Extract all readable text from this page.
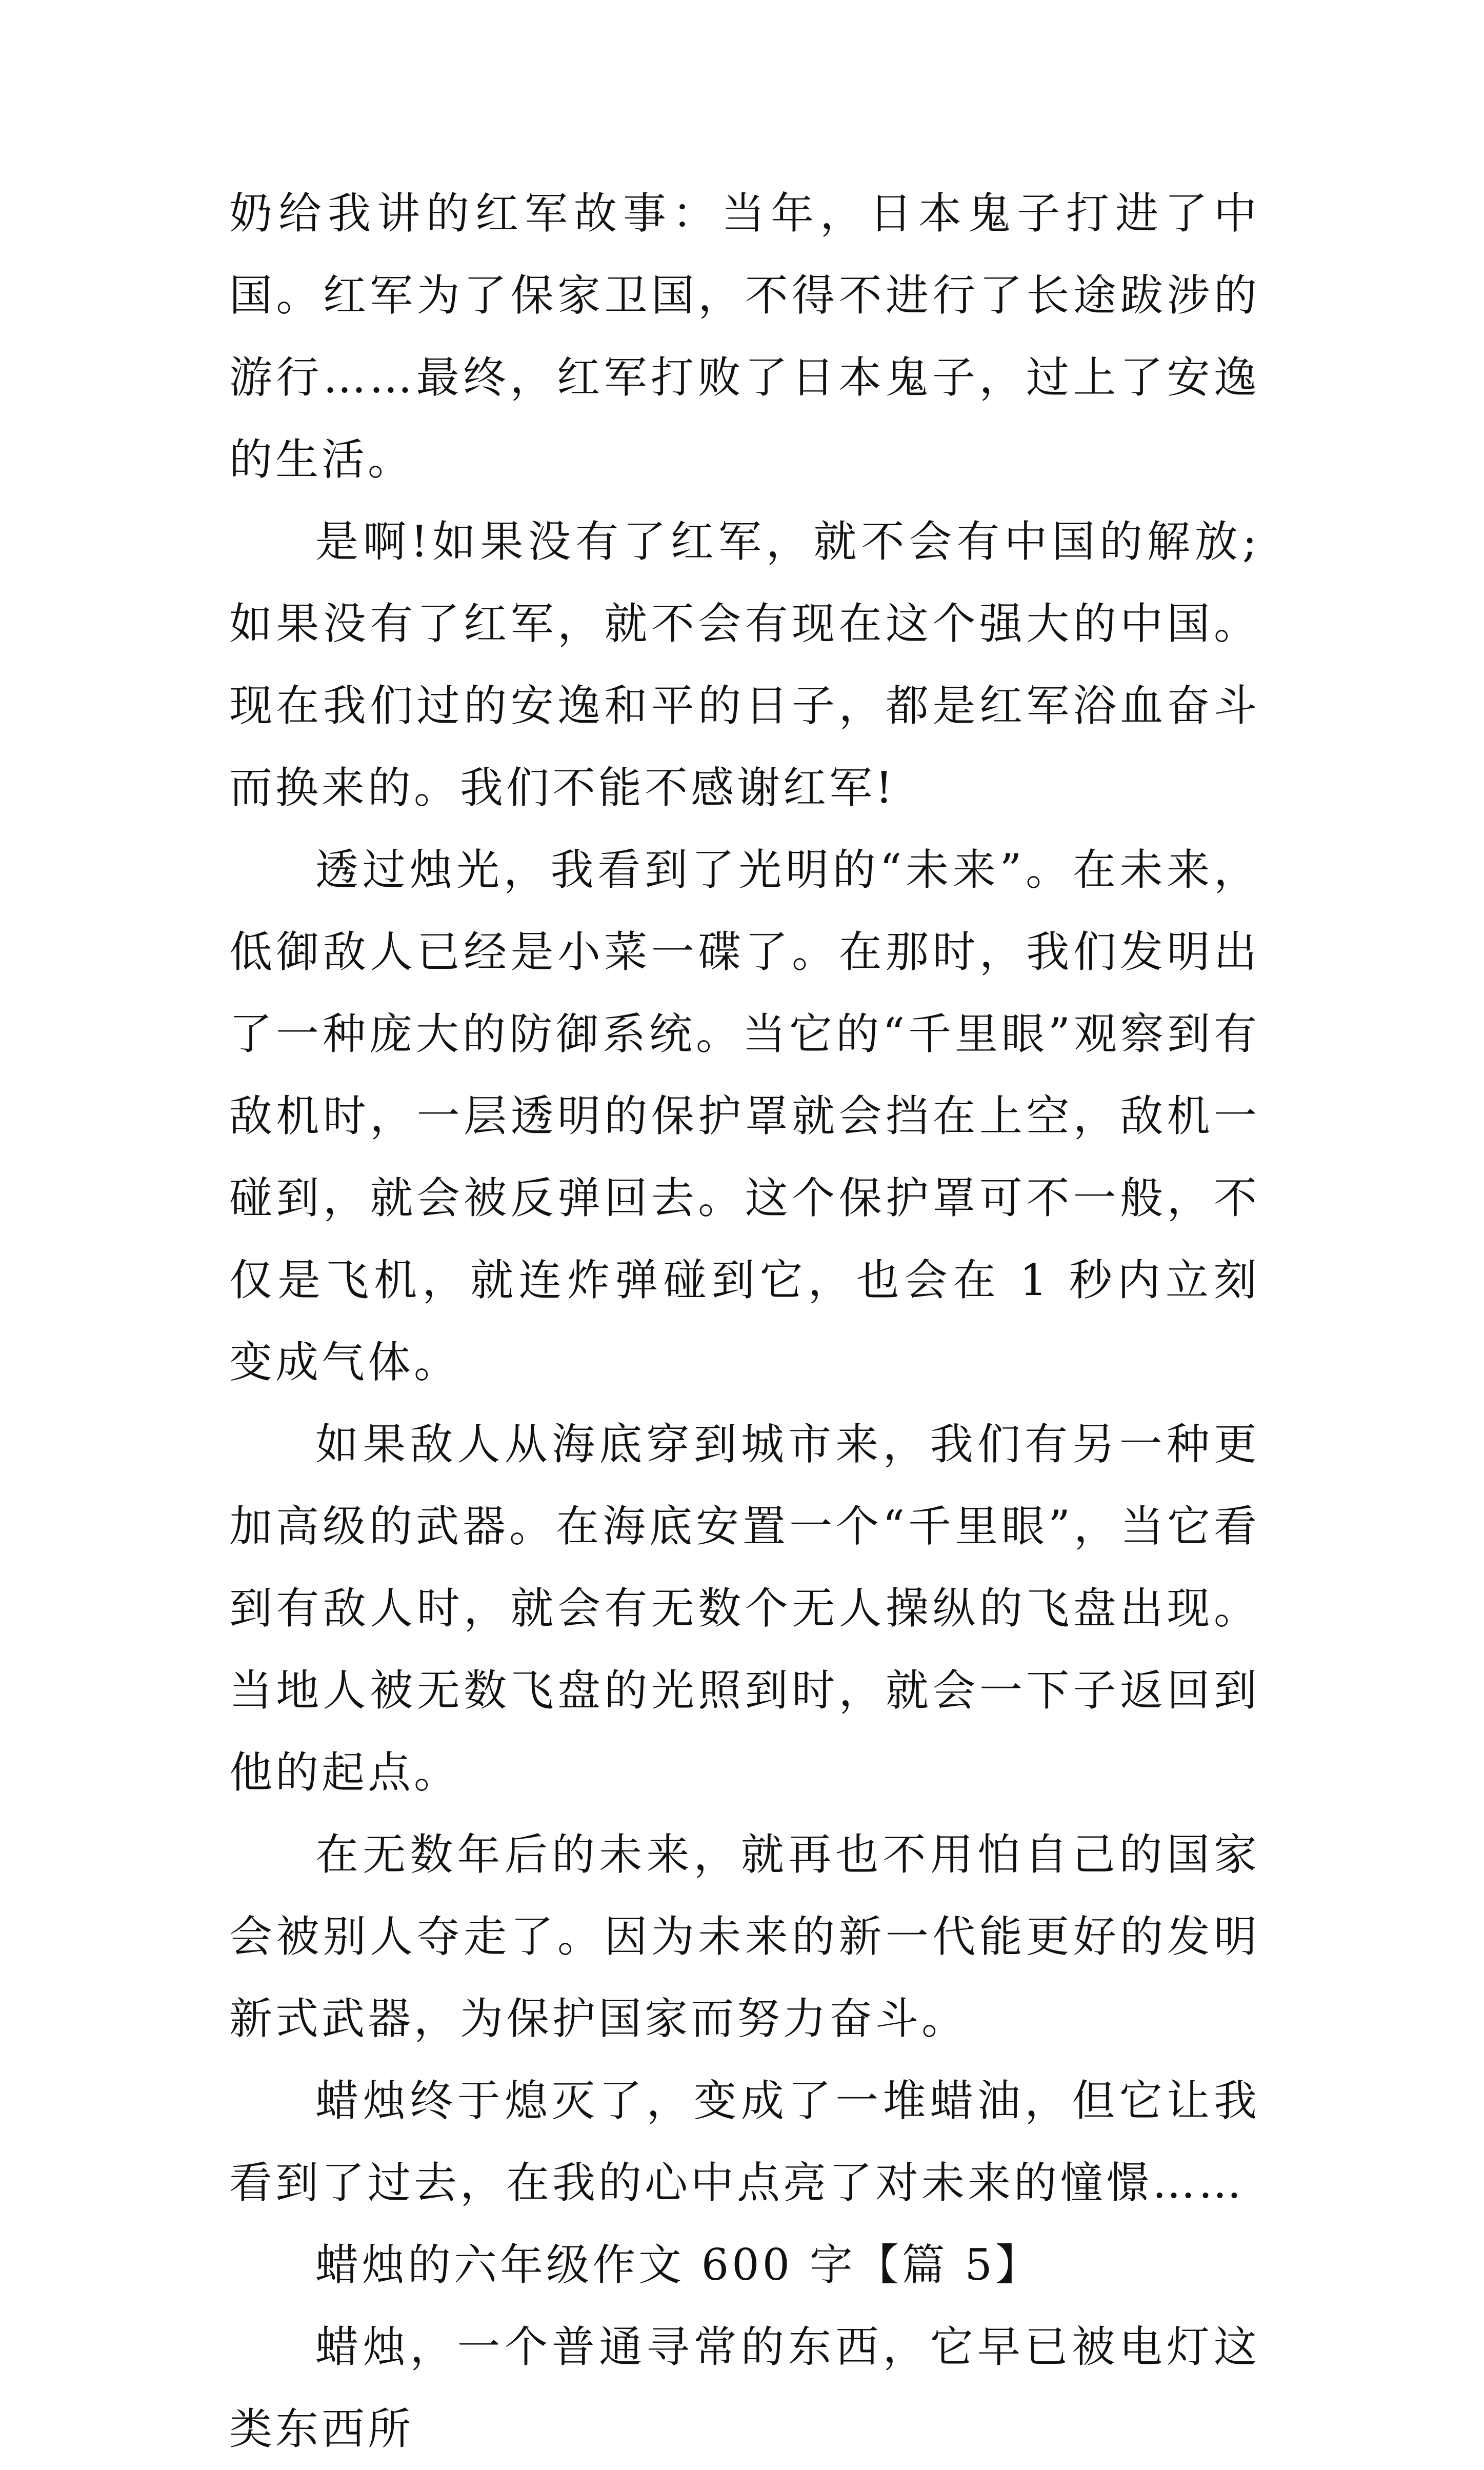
奶给我讲的红军故事：当年，日本鬼子打进了中国。红军为了保家卫国，不得不进行了长途跋涉的游行……最终，红军打败了日本鬼子，过上了安逸的生活。

是啊!如果没有了红军，就不会有中国的解放;如果没有了红军，就不会有现在这个强大的中国。现在我们过的安逸和平的日子，都是红军浴血奋斗而换来的。我们不能不感谢红军!

透过烛光，我看到了光明的“未来”。在未来，低御敌人已经是小菜一碟了。在那时，我们发明出了一种庞大的防御系统。当它的“千里眼”观察到有敌机时，一层透明的保护罩就会挡在上空，敌机一碰到，就会被反弹回去。这个保护罩可不一般，不仅是飞机，就连炸弹碰到它，也会在 1 秒内立刻变成气体。

如果敌人从海底穿到城市来，我们有另一种更加高级的武器。在海底安置一个“千里眼”，当它看到有敌人时，就会有无数个无人操纵的飞盘出现。当地人被无数飞盘的光照到时，就会一下子返回到他的起点。

在无数年后的未来，就再也不用怕自己的国家会被别人夺走了。因为未来的新一代能更好的发明新式武器，为保护国家而努力奋斗。

蜡烛终于熄灭了，变成了一堆蜡油，但它让我看到了过去，在我的心中点亮了对未来的憧憬……

蜡烛的六年级作文 600 字【篇 5】

蜡烛，一个普通寻常的东西，它早已被电灯这类东西所
